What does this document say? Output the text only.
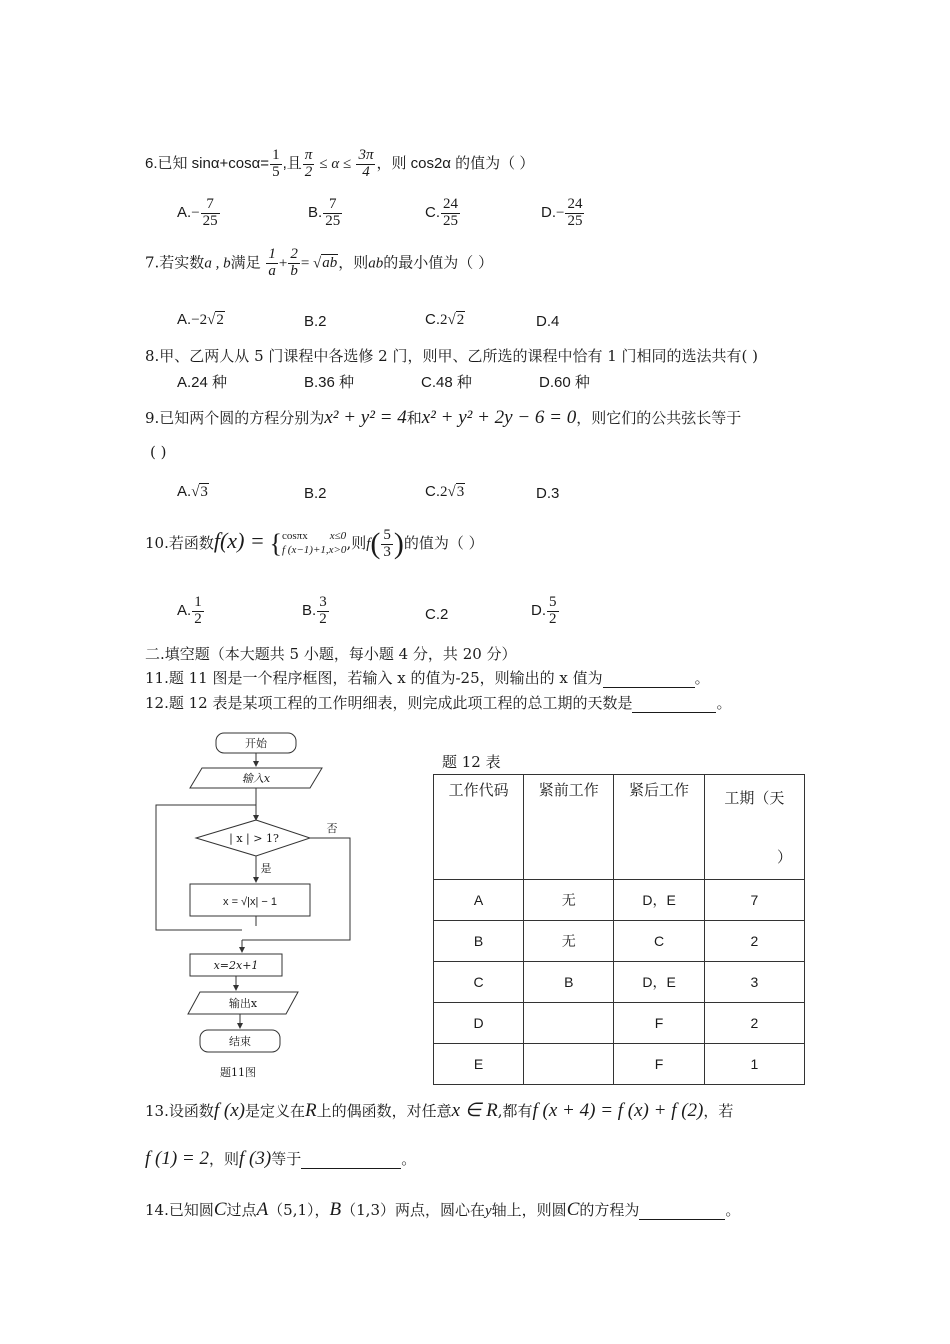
6.已知 $\sin\alpha+\cos\alpha= \frac{1}{5}$ ,且 $\frac{\pi}{2} \le \alpha \le \frac{3\pi}{4}$ ，则 cos2α 的值为（ ）
$A.- \frac{7}{25}$	B. $\frac{7}{25}$	C. $\frac{24}{25}$	$D.- \frac{24}{25}$
7.若实数a , b满足 $\frac{1}{a} + \frac{2}{b} = √ab$，则ab的最小值为（ ）
A.−2√2	B.2	C.2√2	D.4
8.甲、乙两人从 5 门课程中各选修 2 门，则甲、乙所选的课程中恰有 1 门相同的选法共有( )
A.24 种	B.36 种	C.48 种	D.60 种
9.已知两个圆的方程分别为x² + y² = 4和x² + y² + 2y − 6 = 0，则它们的公共弦长等于
( )
A.√3	B.2	C.2√3	D.3
10.若函数f(x) = { cosπx x≤0
f (x−1)+1,x>0 ,则$f( \frac{5}{3}$ )的值为（ ）
A. $\frac{1}{2}$	B. $\frac{3}{2}$	C.2	D. $\frac{5}{2}$
二.填空题（本大题共 5 小题，每小题 4 分，共 20 分）
11.题 11 图是一个程序框图，若输入 x 的值为-25，则输出的 x 值为	。
12.题 12 表是某项工程的工作明细表，则完成此项工程的总工期的天数是	。
开始
输入x
| x | > 1?
否
是
x = √|x| − 1
x=2x+1
输出x
结束
题11图
题 12 表
工作代码	紧前工作	紧后工作	工期（天
）

A	无	D，E	7
B	无	C	2
C	B	D，E	3
D		F	2
E		F	1
13.设函数f (x)是定义在R上的偶函数，对任意x ∈ R,都有f (x + 4) = f (x) + f (2)，若
f (1) = 2，则f (3)等于	。
14.已知圆C过点A（5,1），B（1,3）两点，圆心在y轴上，则圆C的方程为	。
